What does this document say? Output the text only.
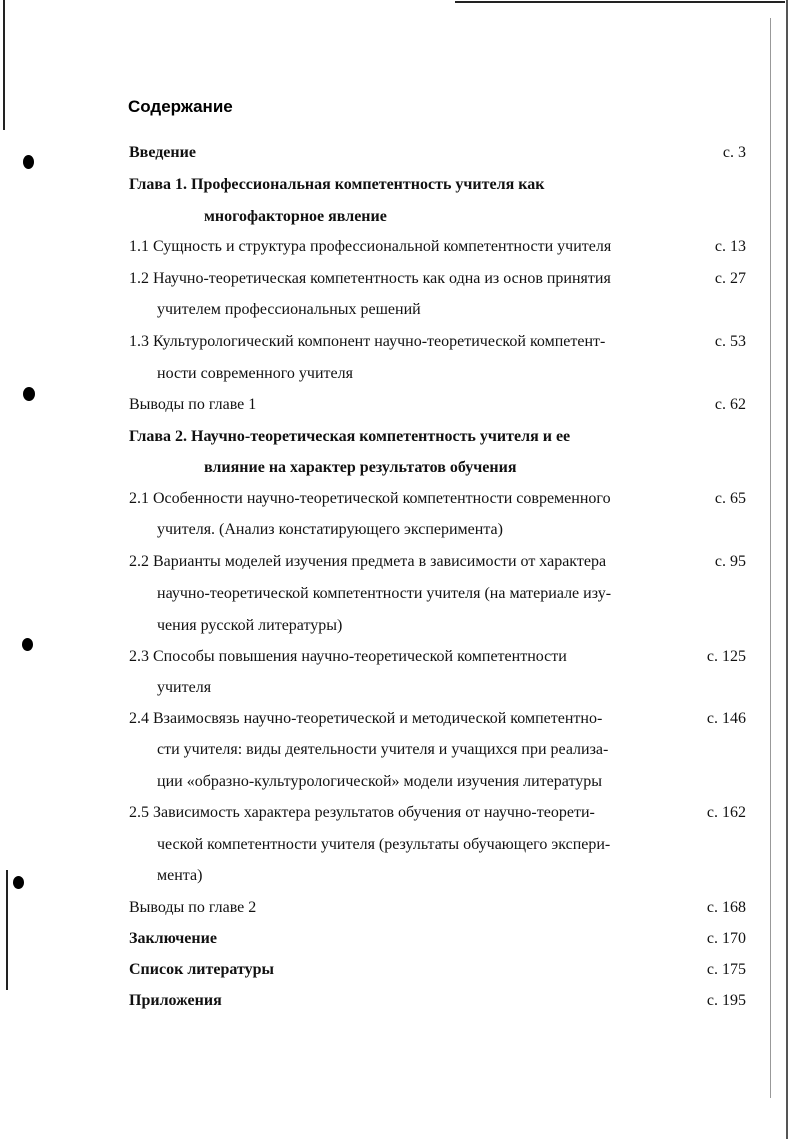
Содержание
Введение	с. 3
Глава 1. Профессиональная компетентность учителя как
многофакторное явление
1.1 Сущность и структура профессиональной компетентности учителя	с. 13
1.2 Научно-теоретическая компетентность как одна из основ принятия	с. 27
учителем профессиональных решений
1.3 Культурологический компонент научно-теоретической компетент-	с. 53
ности современного учителя
Выводы по главе 1	с. 62
Глава 2. Научно-теоретическая компетентность учителя и ее
влияние на характер результатов обучения
2.1 Особенности научно-теоретической компетентности современного	с. 65
учителя. (Анализ констатирующего эксперимента)
2.2 Варианты моделей изучения предмета в зависимости от характера	с. 95
научно-теоретической компетентности учителя (на материале изу-
чения русской литературы)
2.3 Способы повышения научно-теоретической компетентности	с. 125
учителя
2.4 Взаимосвязь научно-теоретической и методической компетентно-	с. 146
сти учителя: виды деятельности учителя и учащихся при реализа-
ции «образно-культурологической» модели изучения литературы
2.5 Зависимость характера результатов обучения от научно-теорети-	с. 162
ческой компетентности учителя (результаты обучающего экспери-
мента)
Выводы по главе 2	с. 168
Заключение	с. 170
Список литературы	с. 175
Приложения	с. 195
